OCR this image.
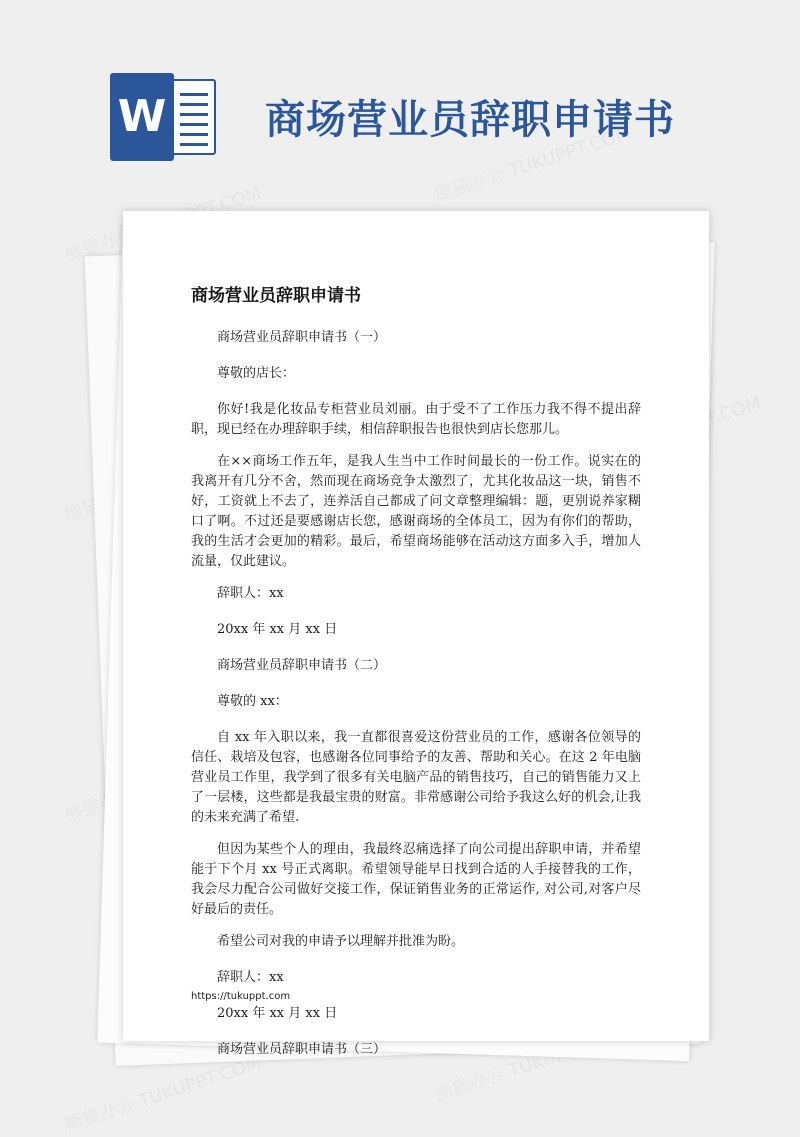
W 商场营业员辞职申请书
商场营业员辞职申请书

商场营业员辞职申请书（一）

尊敬的店长：

你好!我是化妆品专柜营业员刘丽。由于受不了工作压力我不得不提出辞职，现已经在办理辞职手续，相信辞职报告也很快到店长您那儿。

在××商场工作五年，是我人生当中工作时间最长的一份工作。说实在的我离开有几分不舍，然而现在商场竞争太激烈了，尤其化妆品这一块，销售不好，工资就上不去了，连养活自己都成了问文章整理编辑：题，更别说养家糊口了啊。不过还是要感谢店长您，感谢商场的全体员工，因为有你们的帮助，我的生活才会更加的精彩。最后，希望商场能够在活动这方面多入手，增加人流量，仅此建议。

辞职人：xx

20xx 年 xx 月 xx 日

商场营业员辞职申请书（二）

尊敬的 xx：

自 xx 年入职以来，我一直都很喜爱这份营业员的工作，感谢各位领导的信任、栽培及包容，也感谢各位同事给予的友善、帮助和关心。在这 2 年电脑营业员工作里，我学到了很多有关电脑产品的销售技巧，自己的销售能力又上了一层楼，这些都是我最宝贵的财富。非常感谢公司给予我这么好的机会,让我的未来充满了希望.

但因为某些个人的理由，我最终忍痛选择了向公司提出辞职申请，并希望能于下个月 xx 号正式离职。希望领导能早日找到合适的人手接替我的工作，我会尽力配合公司做好交接工作，保证销售业务的正常运作, 对公司,对客户尽好最后的责任。

希望公司对我的申请予以理解并批准为盼。

辞职人：xx

20xx 年 xx 月 xx 日

商场营业员辞职申请书（三）

https://tukuppt.com
